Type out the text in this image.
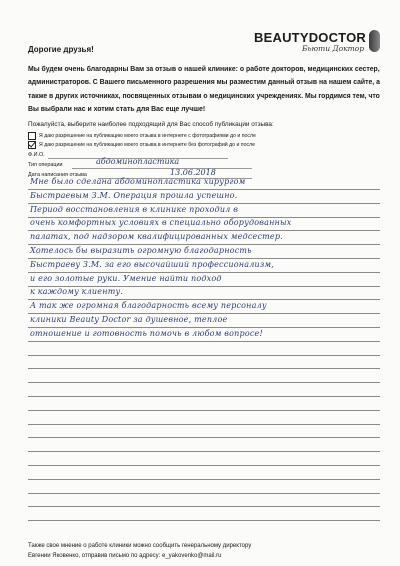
BEAUTYDOCTOR
Бьюти Доктор
Дорогие друзья!
Мы будем очень благодарны Вам за отзыв о нашей клинике: о работе докторов, медицинских сестер,
администраторов. С Вашего письменного разрешения мы разместим данный отзыв на нашем сайте, а
также в других источниках, посвященных отзывам о медицинских учреждениях. Мы гордимся тем, что
Вы выбрали нас и хотим стать для Вас еще лучше!
Пожалуйста, выберите наиболее подходящий для Вас способ публикации отзыва:
Я даю разрешение на публикацию моего отзыва в интернете с фотографиями до и после
Я даю разрешение на публикацию моего отзыва в интернете без фотографий до и после
Ф.И.О.
Тип операции	абдоминопластика
Дата написания отзыва	13.06.2018
Мне было сделана абдоминопластика хирургом
Быстраевым З.М. Операция прошла успешно.
Период восстановления в клинике проходил в
очень комфортных условиях в специально оборудованных
палатах, под надзором квалифицированных медсестер.
Хотелось бы выразить огромную благодарность
Быстраеву З.М. за его высочайший профессионализм,
и его золотые руки. Умение найти подход
к каждому клиенту.
А так же огромная благодарность всему персоналу
клиники Beauty Doctor за душевное, теплое
отношение и готовность помочь в любом вопросе!
Также свое мнение о работе клиники можно сообщить генеральному директору
Евгении Яковенко, отправив письмо по адресу: e_yakovenko@mail.ru
